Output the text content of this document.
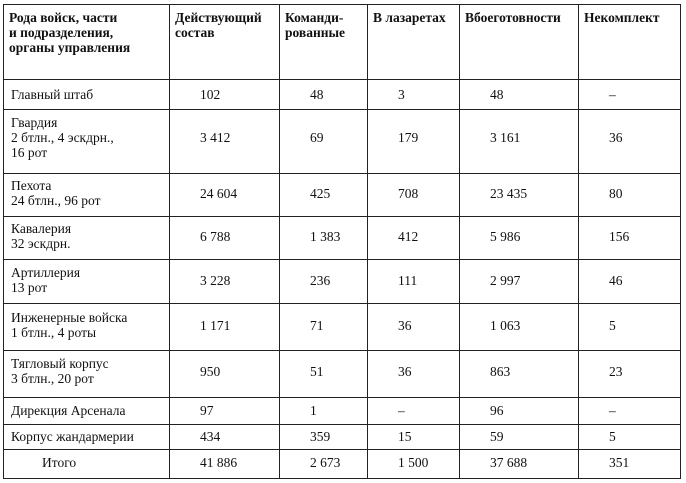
Рода войск, части
и подразделения,
органы управления	Действующий
состав	Команди-
рованные	В лазаретах	Вбоеготовности	Некомплект

Главный штаб	102	48	3	48	–

Гвардия
2 бтлн., 4 эскдрн.,
16 рот	3 412	69	179	3 161	36

Пехота
24 бтлн., 96 рот	24 604	425	708	23 435	80

Кавалерия
32 эскдрн.	6 788	1 383	412	5 986	156

Артиллерия
13 рот	3 228	236	111	2 997	46

Инженерные войска
1 бтлн., 4 роты	1 171	71	36	1 063	5

Тягловый корпус
3 бтлн., 20 рот	950	51	36	863	23

Дирекция Арсенала	97	1	–	96	–

Корпус жандармерии	434	359	15	59	5

Итого	41 886	2 673	1 500	37 688	351
